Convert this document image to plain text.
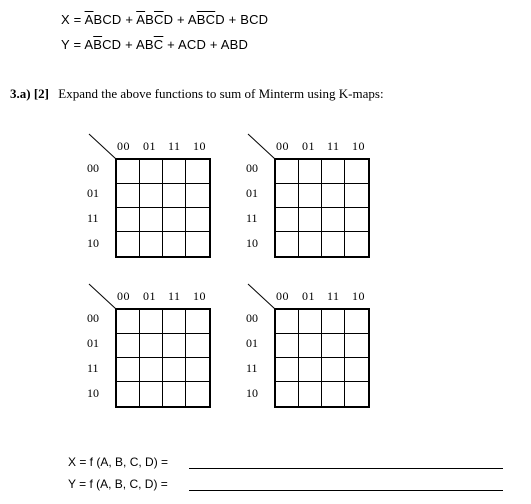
$X = \overline{A}BCD + \overline{A}B\overline{C}D + A\overline{BC}D$ + BCD
$Y = A\overline{B}CD + AB\overline{C}$ + ACD + ABD
3.a) [2] Expand the above functions to sum of Minterm using K-maps:
00 01 11 10
00
01
11
10
00 01 11 10
00
01
11
10
00 01 11 10
00
01
11
10
00 01 11 10
00
01
11
10
X = f (A, B, C, D) =
Y = f (A, B, C, D) =
